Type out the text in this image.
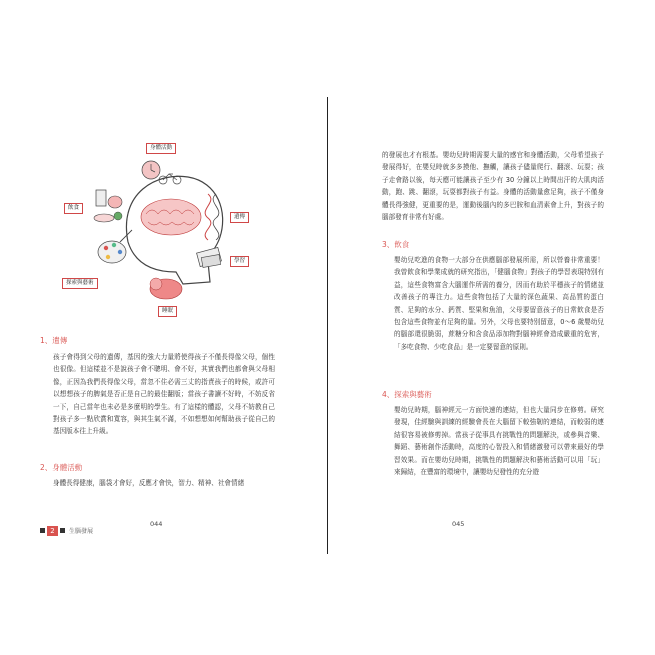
身體活動
飲食
遺傳
學習
探索與藝術
睡眠
1、遺傳
孩子會得到父母的遺傳，基因的強大力量將使得孩子不僅長得像父母，個性也很像。但這樣並不是說孩子會不聰明、會不好，其實我們也都會與父母相像，正因為我們長得像父母，當忽不住必需三丈的指責孩子的時候，或許可以想想孩子的脾氣是否正是自己的最佳翻版；當孩子書讀不好時，不妨反省一下，自己當年也未必是多麼明的學生。有了這樣的體認，父母不妨教自己對孩子多一點欣賞和寬容，與其生氣不滿，不如想想如何幫助孩子從自己的基因版本往上升級。
2、身體活動
身體長得健康，腦袋才會好，反應才會快，智力、精神、社會情緒
2 生腦發展
044
的發展也才有根基。嬰幼兒時期需要大量的感官和身體活動，父母希望孩子發展得好，在嬰兒時就多多摸他、撫觸，讓孩子儘量爬行、翻滾、玩耍；孩子走會路以後，每天應可能讓孩子至少有 30 分鐘以上時間出汗的大肌肉活動，跑、跳、翻滾，玩耍都對孩子有益。身體的活動量愈足夠，孩子不僅身體長得強健，更重要的是，運動後腦內的多巴胺和血清素會上升，對孩子的腦部發育非常有好處。
3、飲食
嬰幼兒吃進的食物一大部分在供應腦部發展所需，所以營養非常重要！我曾飲食和學業成就的研究指出，「健腦食物」對孩子的學習表現特別有益，這些食物富含大腦運作所需的養分，因而有助於平穩孩子的情緒並改善孩子的專注力。這些食物包括了大量的深色蔬果、高品質的蛋白質、足夠的水分、鈣質、堅果和魚油，父母要留意孩子的日常飲食是否包含這些食物並有足夠的量。另外，父母也要特別留意，0～6 歲嬰幼兒的腦部還很脆弱，蔗糖分和含食品添加物對腦神經會造成嚴重的危害，「多吃食物、少吃食品」是一定要留意的原則。
4、探索與藝術
嬰幼兒時期，腦神經元一方面快速的連結，但也大量同步在修剪。研究發現，佳經驗與訓練的經驗會長在大腦留下較強韌的連結，而較弱的連結很容易被修剪掉。當孩子從事具有挑戰性的問題解決，或參與音樂、舞蹈、藝術創作活動時，高度的心智投入和情緒激發可以帶來最好的學習效果。而在嬰幼兒時期，挑戰性的問題解決和藝術活動可以用「玩」來歸結，在豐富的環境中，讓嬰幼兒發性的充分遊
045
